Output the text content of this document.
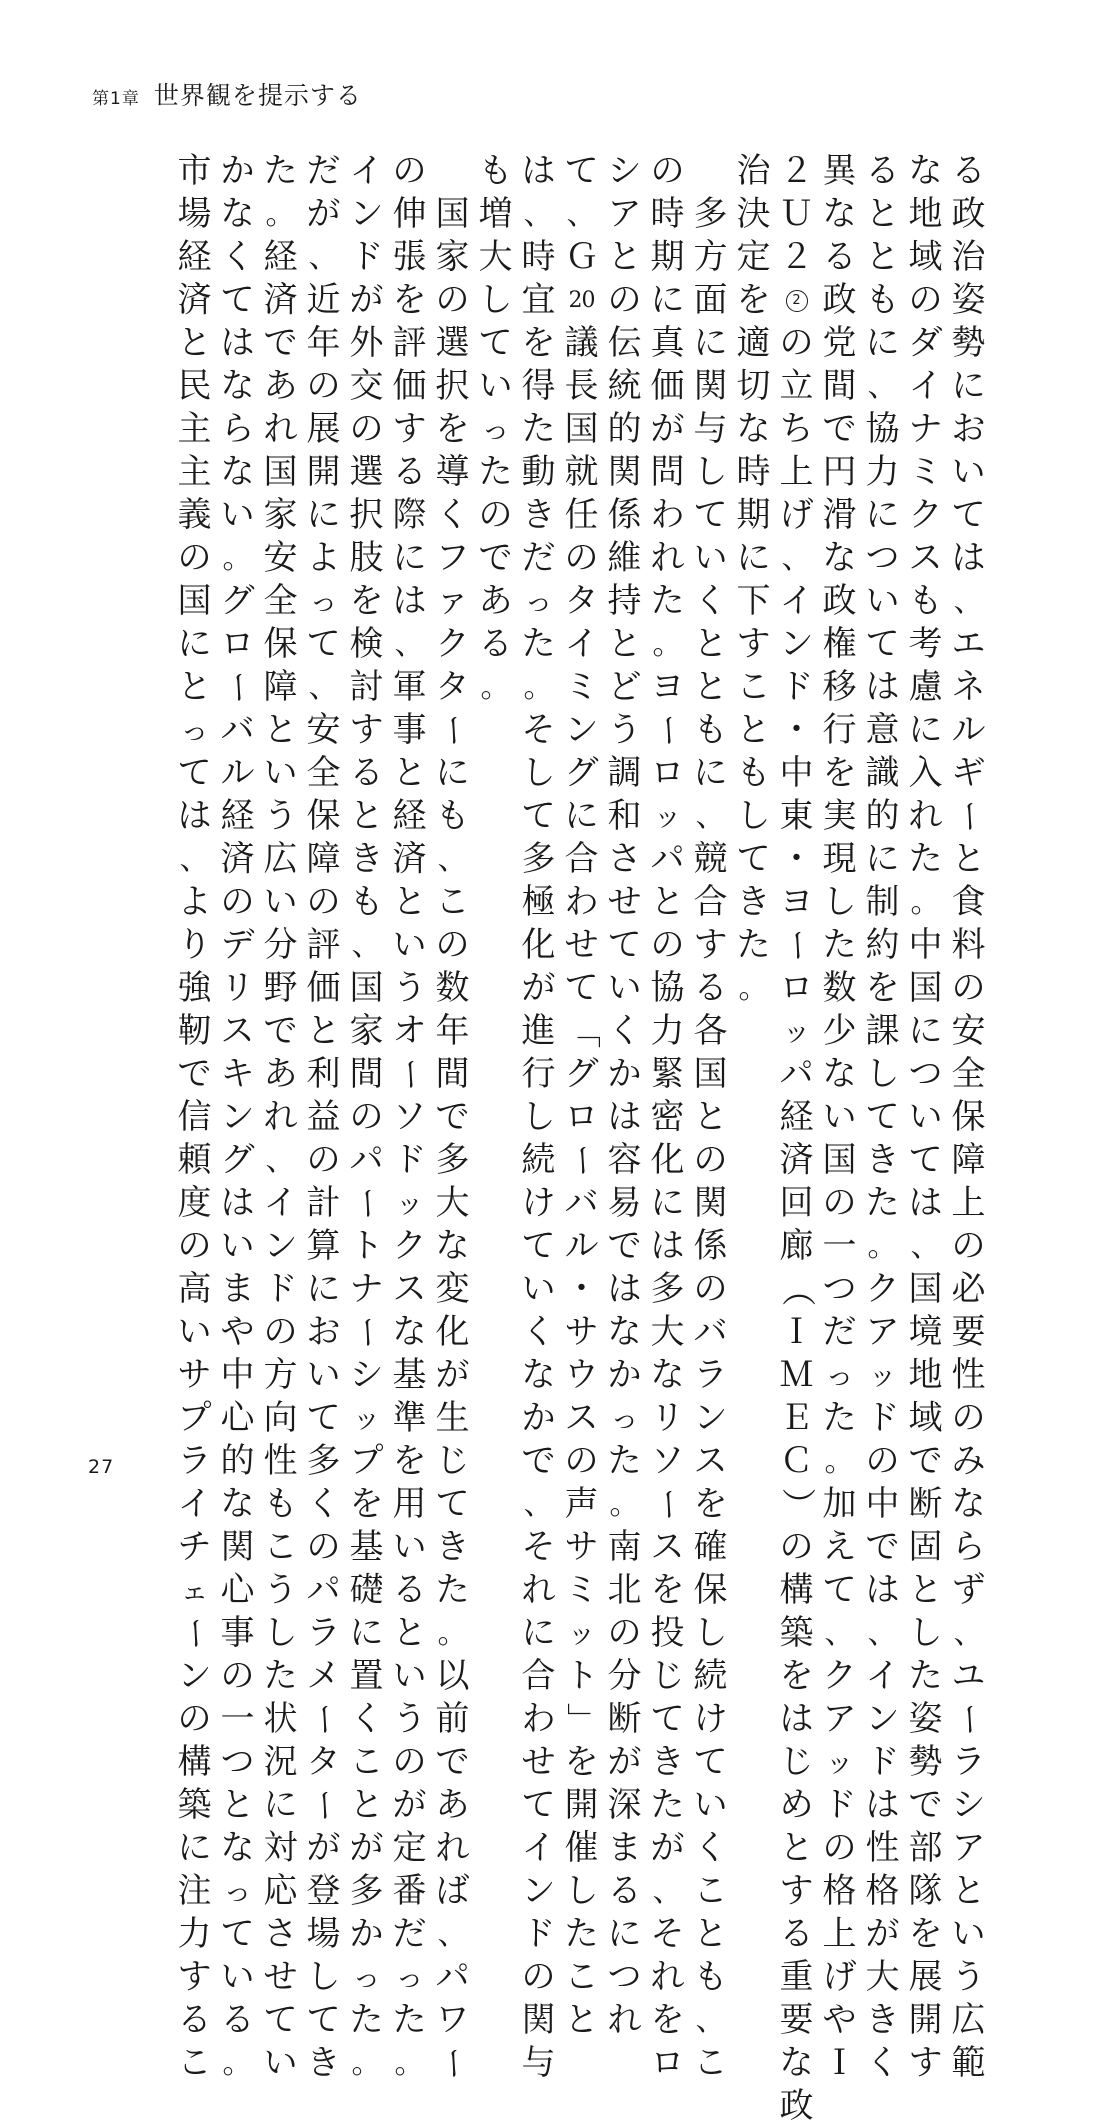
第1章 世界観を提示する
る
政
治
姿
勢
に
お
い
て
は
、
エ
ネ
ル
ギ
ー
と
食
料
の
安
全
保
障
上
の
必
要
性
の
み
な
ら
ず
、
ユ
ー
ラ
シ
ア
と
い
う
広
範
な
地
域
の
ダ
イ
ナ
ミ
ク
ス
も
考
慮
に
入
れ
た
。
中
国
に
つ
い
て
は
、
国
境
地
域
で
断
固
と
し
た
姿
勢
で
部
隊
を
展
開
す
る
と
と
も
に
、
協
力
に
つ
い
て
は
意
識
的
に
制
約
を
課
し
て
き
た
。
ク
ア
ッ
ド
の
中
で
は
、
イ
ン
ド
は
性
格
が
大
き
く
異
な
る
政
党
間
で
円
滑
な
政
権
移
行
を
実
現
し
た
数
少
な
い
国
の
一
つ
だ
っ
た
。
加
え
て
、
ク
ア
ッ
ド
の
格
上
げ
や
Ｉ
２
Ｕ
２
2
の
立
ち
上
げ
、
イ
ン
ド
・
中
東
・
ヨ
ー
ロ
ッ
パ
経
済
回
廊
（
Ｉ
Ｍ
Ｅ
Ｃ
）
の
構
築
を
は
じ
め
と
す
る
重
要
な
政
治
決
定
を
適
切
な
時
期
に
下
す
こ
と
も
し
て
き
た
。

多
方
面
に
関
与
し
て
い
く
と
と
も
に
、
競
合
す
る
各
国
と
の
関
係
の
バ
ラ
ン
ス
を
確
保
し
続
け
て
い
く
こ
と
も
、
こ
の
時
期
に
真
価
が
問
わ
れ
た
。
ヨ
ー
ロ
ッ
パ
と
の
協
力
緊
密
化
に
は
多
大
な
リ
ソ
ー
ス
を
投
じ
て
き
た
が
、
そ
れ
を
ロ
シ
ア
と
の
伝
統
的
関
係
維
持
と
ど
う
調
和
さ
せ
て
い
く
か
は
容
易
で
は
な
か
っ
た
。
南
北
の
分
断
が
深
ま
る
に
つ
れ
て
、
Ｇ
20
議
長
国
就
任
の
タ
イ
ミ
ン
グ
に
合
わ
せ
て
「
グ
ロ
ー
バ
ル
・
サ
ウ
ス
の
声
サ
ミ
ッ
ト
」
を
開
催
し
た
こ
と
は
、
時
宜
を
得
た
動
き
だ
っ
た
。
そ
し
て
多
極
化
が
進
行
し
続
け
て
い
く
な
か
で
、
そ
れ
に
合
わ
せ
て
イ
ン
ド
の
関
与
も
増
大
し
て
い
っ
た
の
で
あ
る
。

国
家
の
選
択
を
導
く
フ
ァ
ク
タ
ー
に
も
、
こ
の
数
年
間
で
多
大
な
変
化
が
生
じ
て
き
た
。
以
前
で
あ
れ
ば
、
パ
ワ
ー
の
伸
張
を
評
価
す
る
際
に
は
、
軍
事
と
経
済
と
い
う
オ
ー
ソ
ド
ッ
ク
ス
な
基
準
を
用
い
る
と
い
う
の
が
定
番
だ
っ
た
。
イ
ン
ド
が
外
交
の
選
択
肢
を
検
討
す
る
と
き
も
、
国
家
間
の
パ
ー
ト
ナ
ー
シ
ッ
プ
を
基
礎
に
置
く
こ
と
が
多
か
っ
た
。
だ
が
、
近
年
の
展
開
に
よ
っ
て
、
安
全
保
障
の
評
価
と
利
益
の
計
算
に
お
い
て
多
く
の
パ
ラ
メ
ー
タ
ー
が
登
場
し
て
き
た
。
経
済
で
あ
れ
国
家
安
全
保
障
と
い
う
広
い
分
野
で
あ
れ
、
イ
ン
ド
の
方
向
性
も
こ
う
し
た
状
況
に
対
応
さ
せ
て
い
か
な
く
て
は
な
ら
な
い
。
グ
ロ
ー
バ
ル
経
済
の
デ
リ
ス
キ
ン
グ
は
い
ま
や
中
心
的
な
関
心
事
の
一
つ
と
な
っ
て
い
る
。
市
場
経
済
と
民
主
主
義
の
国
に
と
っ
て
は
、
よ
り
強
靭
で
信
頼
度
の
高
い
サ
プ
ラ
イ
チ
ェ
ー
ン
の
構
築
に
注
力
す
る
こ
27
